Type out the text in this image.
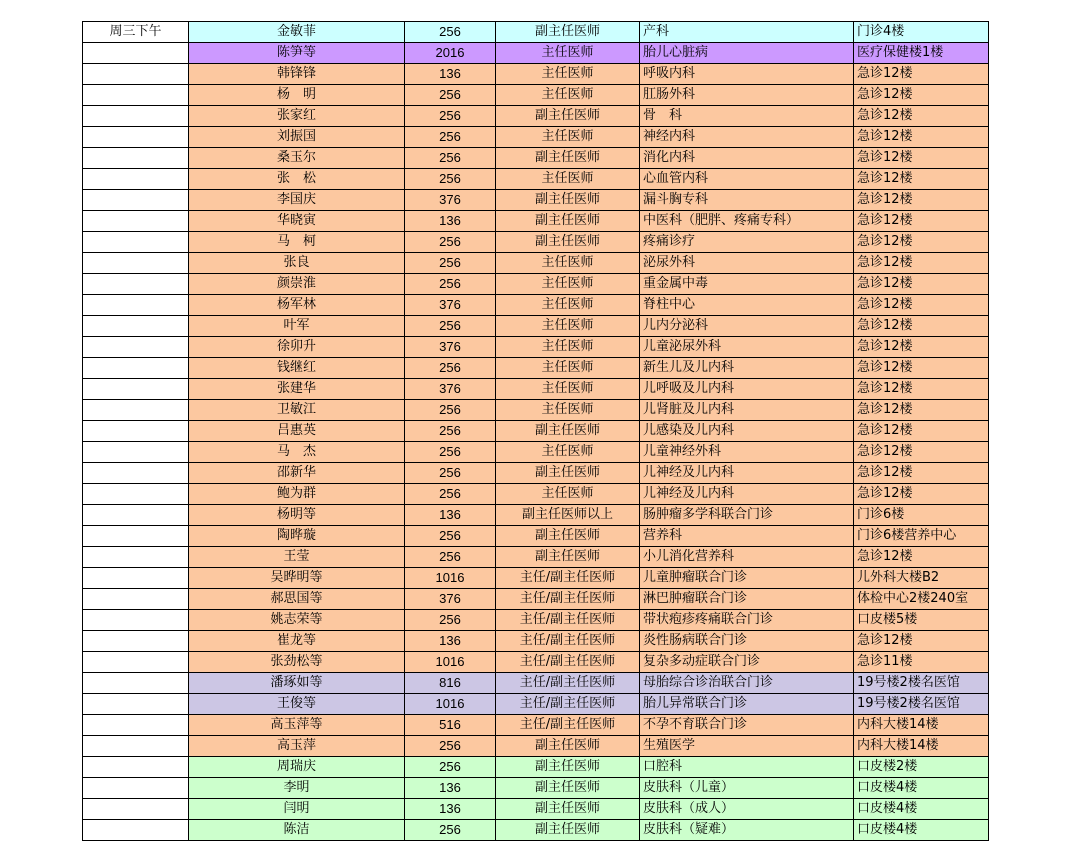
周三下午	金敏菲	256	副主任医师	产科	门诊4楼
	陈笋等	2016	主任医师	胎儿心脏病	医疗保健楼1楼
	韩锋锋	136	主任医师	呼吸内科	急诊12楼
	杨　明	256	主任医师	肛肠外科	急诊12楼
	张家红	256	副主任医师	骨　科	急诊12楼
	刘振国	256	主任医师	神经内科	急诊12楼
	桑玉尔	256	副主任医师	消化内科	急诊12楼
	张　松	256	主任医师	心血管内科	急诊12楼
	李国庆	376	副主任医师	漏斗胸专科	急诊12楼
	华晓寅	136	副主任医师	中医科（肥胖、疼痛专科）	急诊12楼
	马　柯	256	副主任医师	疼痛诊疗	急诊12楼
	张良	256	主任医师	泌尿外科	急诊12楼
	颜崇淮	256	主任医师	重金属中毒	急诊12楼
	杨军林	376	主任医师	脊柱中心	急诊12楼
	叶军	256	主任医师	儿内分泌科	急诊12楼
	徐卯升	376	主任医师	儿童泌尿外科	急诊12楼
	钱继红	256	主任医师	新生儿及儿内科	急诊12楼
	张建华	376	主任医师	儿呼吸及儿内科	急诊12楼
	卫敏江	256	主任医师	儿肾脏及儿内科	急诊12楼
	吕惠英	256	副主任医师	儿感染及儿内科	急诊12楼
	马　杰	256	主任医师	儿童神经外科	急诊12楼
	邵新华	256	副主任医师	儿神经及儿内科	急诊12楼
	鲍为群	256	主任医师	儿神经及儿内科	急诊12楼
	杨明等	136	副主任医师以上	肠肿瘤多学科联合门诊	门诊6楼
	陶晔璇	256	副主任医师	营养科	门诊6楼营养中心
	王莹	256	副主任医师	小儿消化营养科	急诊12楼
	吴晔明等	1016	主任/副主任医师	儿童肿瘤联合门诊	儿外科大楼B2
	郝思国等	376	主任/副主任医师	淋巴肿瘤联合门诊	体检中心2楼240室
	姚志荣等	256	主任/副主任医师	带状疱疹疼痛联合门诊	口皮楼5楼
	崔龙等	136	主任/副主任医师	炎性肠病联合门诊	急诊12楼
	张劲松等	1016	主任/副主任医师	复杂多动症联合门诊	急诊11楼
	潘琢如等	816	主任/副主任医师	母胎综合诊治联合门诊	19号楼2楼名医馆
	王俊等	1016	主任/副主任医师	胎儿异常联合门诊	19号楼2楼名医馆
	高玉萍等	516	主任/副主任医师	不孕不育联合门诊	内科大楼14楼
	高玉萍	256	副主任医师	生殖医学	内科大楼14楼
	周瑞庆	256	副主任医师	口腔科	口皮楼2楼
	李明	136	副主任医师	皮肤科（儿童）	口皮楼4楼
	闫明	136	副主任医师	皮肤科（成人）	口皮楼4楼
	陈洁	256	副主任医师	皮肤科（疑难）	口皮楼4楼
